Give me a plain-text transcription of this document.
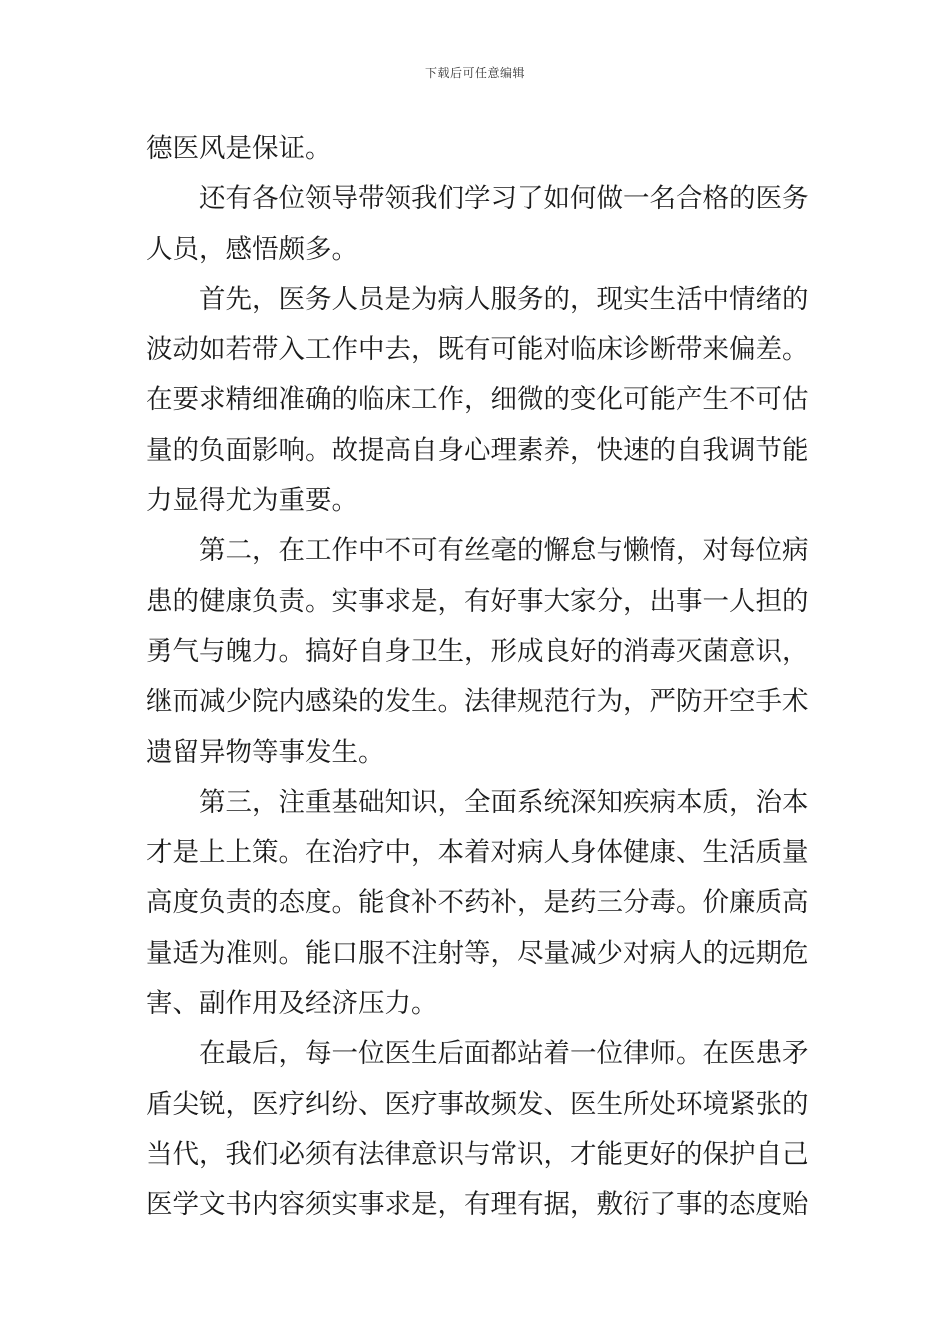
下载后可任意编辑
德医风是保证。
还有各位领导带领我们学习了如何做一名合格的医务
人员，感悟颇多。
首先，医务人员是为病人服务的，现实生活中情绪的
波动如若带入工作中去，既有可能对临床诊断带来偏差。
在要求精细准确的临床工作，细微的变化可能产生不可估
量的负面影响。故提高自身心理素养，快速的自我调节能
力显得尤为重要。
第二，在工作中不可有丝毫的懈怠与懒惰，对每位病
患的健康负责。实事求是，有好事大家分，出事一人担的
勇气与魄力。搞好自身卫生，形成良好的消毒灭菌意识，
继而减少院内感染的发生。法律规范行为，严防开空手术
遗留异物等事发生。
第三，注重基础知识，全面系统深知疾病本质，治本
才是上上策。在治疗中，本着对病人身体健康、生活质量
高度负责的态度。能食补不药补，是药三分毒。价廉质高
量适为准则。能口服不注射等，尽量减少对病人的远期危
害、副作用及经济压力。
在最后，每一位医生后面都站着一位律师。在医患矛
盾尖锐，医疗纠纷、医疗事故频发、医生所处环境紧张的
当代，我们必须有法律意识与常识，才能更好的保护自己
医学文书内容须实事求是，有理有据，敷衍了事的态度贻
